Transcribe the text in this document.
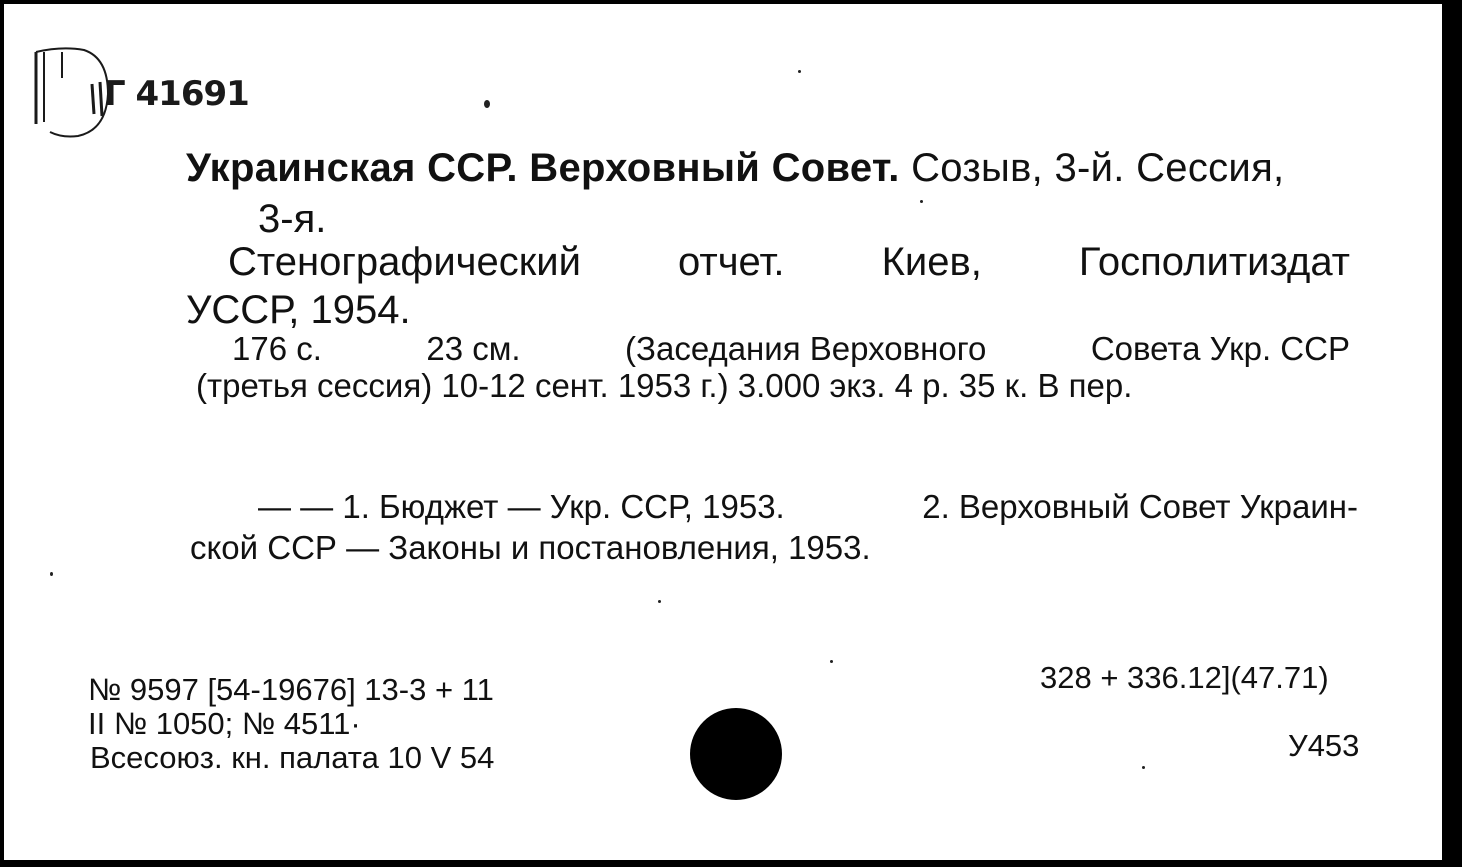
Г 41691
Украинская ССР. Верховный Совет. Созыв, 3-й. Сессия,
3-я.
Стенографический отчет. Киев, Госполитиздат
УССР, 1954.
176 с.	23 см.	(Заседания Верховного	Совета Укр. ССР
(третья сессия) 10-12 сент. 1953 г.) 3.000 экз. 4 р. 35 к. В пер.
— — 1. Бюджет — Укр. ССР, 1953.	2. Верховный Совет Украин-
ской ССР — Законы и постановления, 1953.
№ 9597 [54-19676] 13-3 + 11
II № 1050; № 4511·
Всесоюз. кн. палата 10 V 54
328 + 336.12](47.71)
У453
